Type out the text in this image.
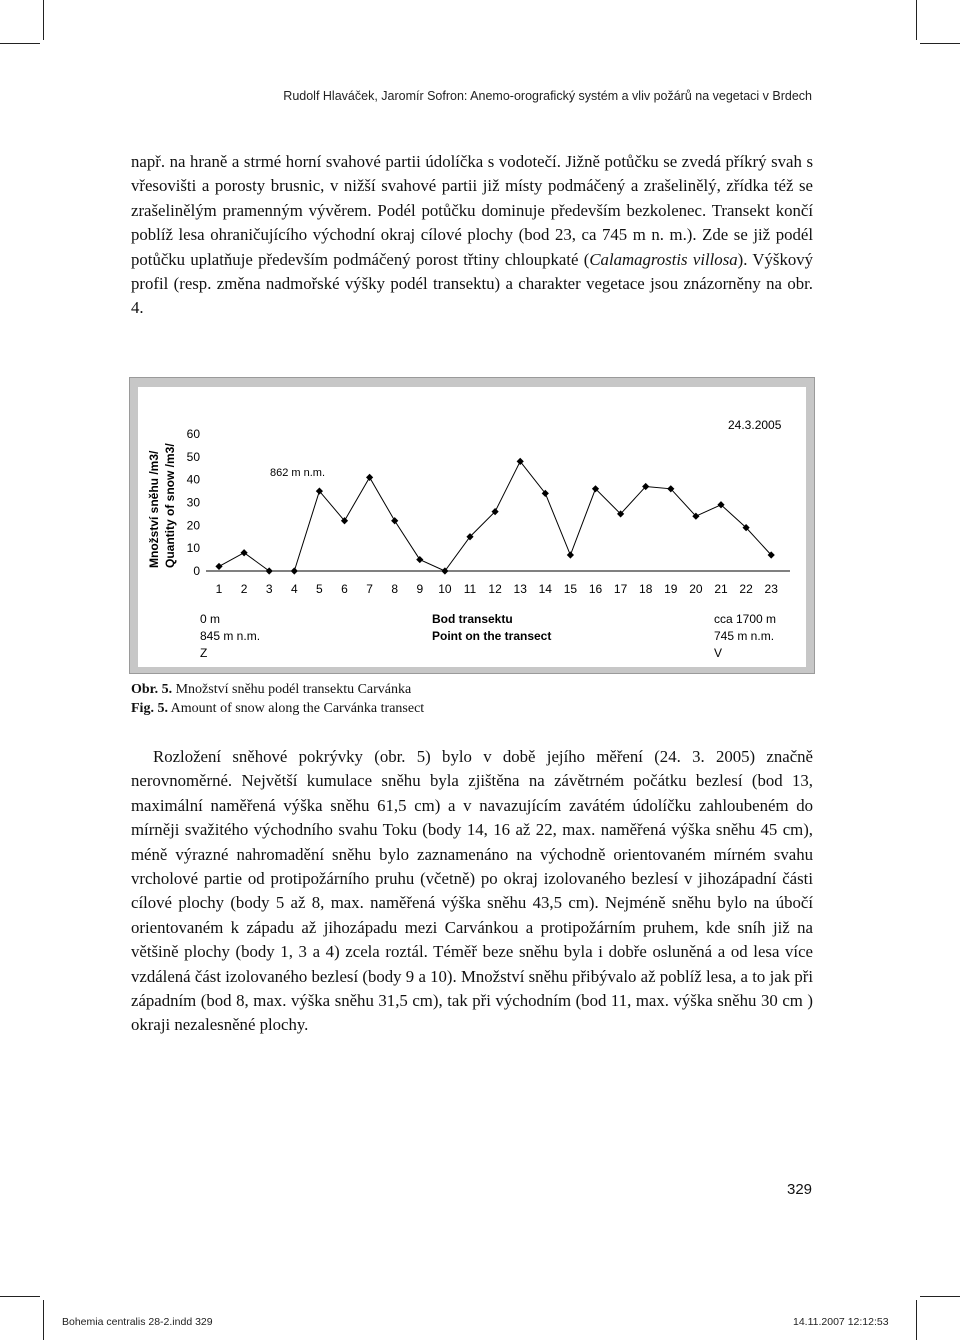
Rudolf Hlaváček, Jaromír Sofron: Anemo-orografický systém a vliv požárů na vegetaci v Brdech

např. na hraně a strmé horní svahové partii údolíčka s vodotečí. Jižně potůčku se zvedá příkrý svah s vřesovišti a porosty brusnic, v nižší svahové partii již místy podmáčený a zrašelinělý, zřídka též se zrašelinělým pramenným vývěrem. Podél potůčku dominuje především bezkolenec. Transekt končí poblíž lesa ohraničujícího východní okraj cílové plochy (bod 23, ca 745 m n. m.). Zde se již podél potůčku uplatňuje především podmáčený porost třtiny chloupkaté (Calamagrostis villosa). Výškový profil (resp. změna nadmořské výšky podél transektu) a charakter vegetace jsou znázorněny na obr. 4.

Množství sněhu /m3/ Quantity of snow /m3/
24.3.2005
862 m n.m.
0
10
20
30
40
50
60
1 2 3 4 5 6 7 8 9 10 11 12 13 14 15 16 17 18 19 20 21 22 23
0 m
845 m n.m.
Z
Bod transektu
Point on the transect
cca 1700 m
745 m n.m.
V
Obr. 5. Množství sněhu podél transektu Carvánka
Fig. 5. Amount of snow along the Carvánka transect

Rozložení sněhové pokrývky (obr. 5) bylo v době jejího měření (24. 3. 2005) značně nerovnoměrné. Největší kumulace sněhu byla zjištěna na závětrném počátku bezlesí (bod 13, maximální naměřená výška sněhu 61,5 cm) a v navazujícím zavátém údolíčku zahloubeném do mírněji svažitého východního svahu Toku (body 14, 16 až 22, max. naměřená výška sněhu 45 cm), méně výrazné nahromadění sněhu bylo zaznamenáno na východně orientovaném mírném svahu vrcholové partie od protipožárního pruhu (včetně) po okraj izolovaného bezlesí v jihozápadní části cílové plochy (body 5 až 8, max. naměřená výška sněhu 43,5 cm). Nejméně sněhu bylo na úbočí orientovaném k západu až jihozápadu mezi Carvánkou a protipožárním pruhem, kde sníh již na většině plochy (body 1, 3 a 4) zcela roztál. Téměř beze sněhu byla i dobře osluněná a od lesa více vzdálená část izolovaného bezlesí (body 9 a 10). Množství sněhu přibývalo až poblíž lesa, a to jak při západním (bod 8, max. výška sněhu 31,5 cm), tak při východním (bod 11, max. výška sněhu 30 cm ) okraji nezalesněné plochy.

329
Bohemia centralis 28-2.indd 329	14.11.2007 12:12:53
